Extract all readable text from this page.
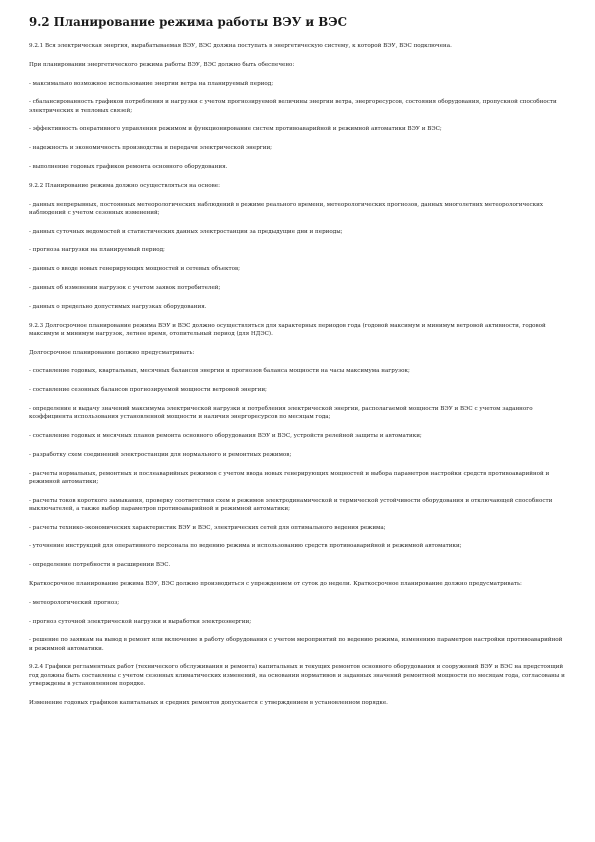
9.2 Планирование режима работы ВЭУ и ВЭС

9.2.1 Вся электрическая энергия, вырабатываемая ВЭУ, ВЭС должна поступать в энергетическую систему, к которой ВЭУ, ВЭС подключена.

При планировании энергетического режима работы ВЭУ, ВЭС должно быть обеспечено:

- максимально возможное использование энергии ветра на планируемый период;

- сбалансированность графиков потребления и нагрузки с учетом прогнозируемой величины энергии ветра, энергоресурсов, состояния оборудования, пропускной способности электрических и тепловых связей;

- эффективность оперативного управления режимом и функционирование систем противоаварийной и режимной автоматики ВЭУ и ВЭС;

- надежность и экономичность производства и передачи электрической энергии;

- выполнение годовых графиков ремонта основного оборудования.

9.2.2 Планирование режима должно осуществляться на основе:

- данных непрерывных, постоянных метеорологических наблюдений в режиме реального времени, метеорологических прогнозов, данных многолетних метеорологических наблюдений с учетом сезонных изменений;

- данных суточных ведомостей и статистических данных электростанции за предыдущие дни и периоды;

- прогноза нагрузки на планируемый период;

- данных о вводе новых генерирующих мощностей и сетевых объектов;

- данных об изменении нагрузок с учетом заявок потребителей;

- данных о предельно допустимых нагрузках оборудования.

9.2.3 Долгосрочное планирование режима ВЭУ и ВЭС должно осуществляться для характерных периодов года (годовой максимум и минимум ветровой активности, годовой максимум и минимум нагрузок, летнее время, отопительный период (для НДЭС).

Долгосрочное планирование должно предусматривать:

- составление годовых, квартальных, месячных балансов энергии и прогнозов баланса мощности на часы максимума нагрузок;

- составление сезонных балансов прогнозируемой мощности ветровой энергии;

- определение и выдачу значений максимума электрической нагрузки и потребления электрической энергии, располагаемой мощности ВЭУ и ВЭС с учетом заданного коэффициента использования установленной мощности и наличия энергоресурсов по месяцам года;

- составление годовых и месячных планов ремонта основного оборудования ВЭУ и ВЭС, устройств релейной защиты и автоматики;

- разработку схем соединений электростанции для нормального и ремонтных режимов;

- расчеты нормальных, ремонтных и послеаварийных режимов с учетом ввода новых генерирующих мощностей и выбора параметров настройки средств противоаварийной и режимной автоматики;

- расчеты токов короткого замыкания, проверку соответствия схем и режимов электродинамической и термической устойчивости оборудования и отключающей способности выключателей, а также выбор параметров противоаварийной и режимной автоматики;

- расчеты технико-экономических характеристик ВЭУ и ВЭС, электрических сетей для оптимального ведения режима;

- уточнение инструкций для оперативного персонала по ведению режима и использованию средств противоаварийной и режимной автоматики;

- определение потребности в расширении ВЭС.

Краткосрочное планирование режима ВЭУ, ВЭС должно производиться с упреждением от суток до недели. Краткосрочное планирование должно предусматривать:

- метеорологический прогноз;

- прогноз суточной электрической нагрузки и выработки электроэнергии;

- решение по заявкам на вывод в ремонт или включение в работу оборудования с учетом мероприятий по ведению режима, изменению параметров настройки противоаварийной и режимной автоматики.

9.2.4 Графики регламентных работ (технического обслуживания и ремонта) капитальных и текущих ремонтов основного оборудования и сооружений ВЭУ и ВЭС на предстоящий год должны быть составлены с учетом сезонных климатических изменений, на основании нормативов и заданных значений ремонтной мощности по месяцам года, согласованы и утверждены в установленном порядке.

Изменение годовых графиков капитальных и средних ремонтов допускается с утверждением в установленном порядке.
